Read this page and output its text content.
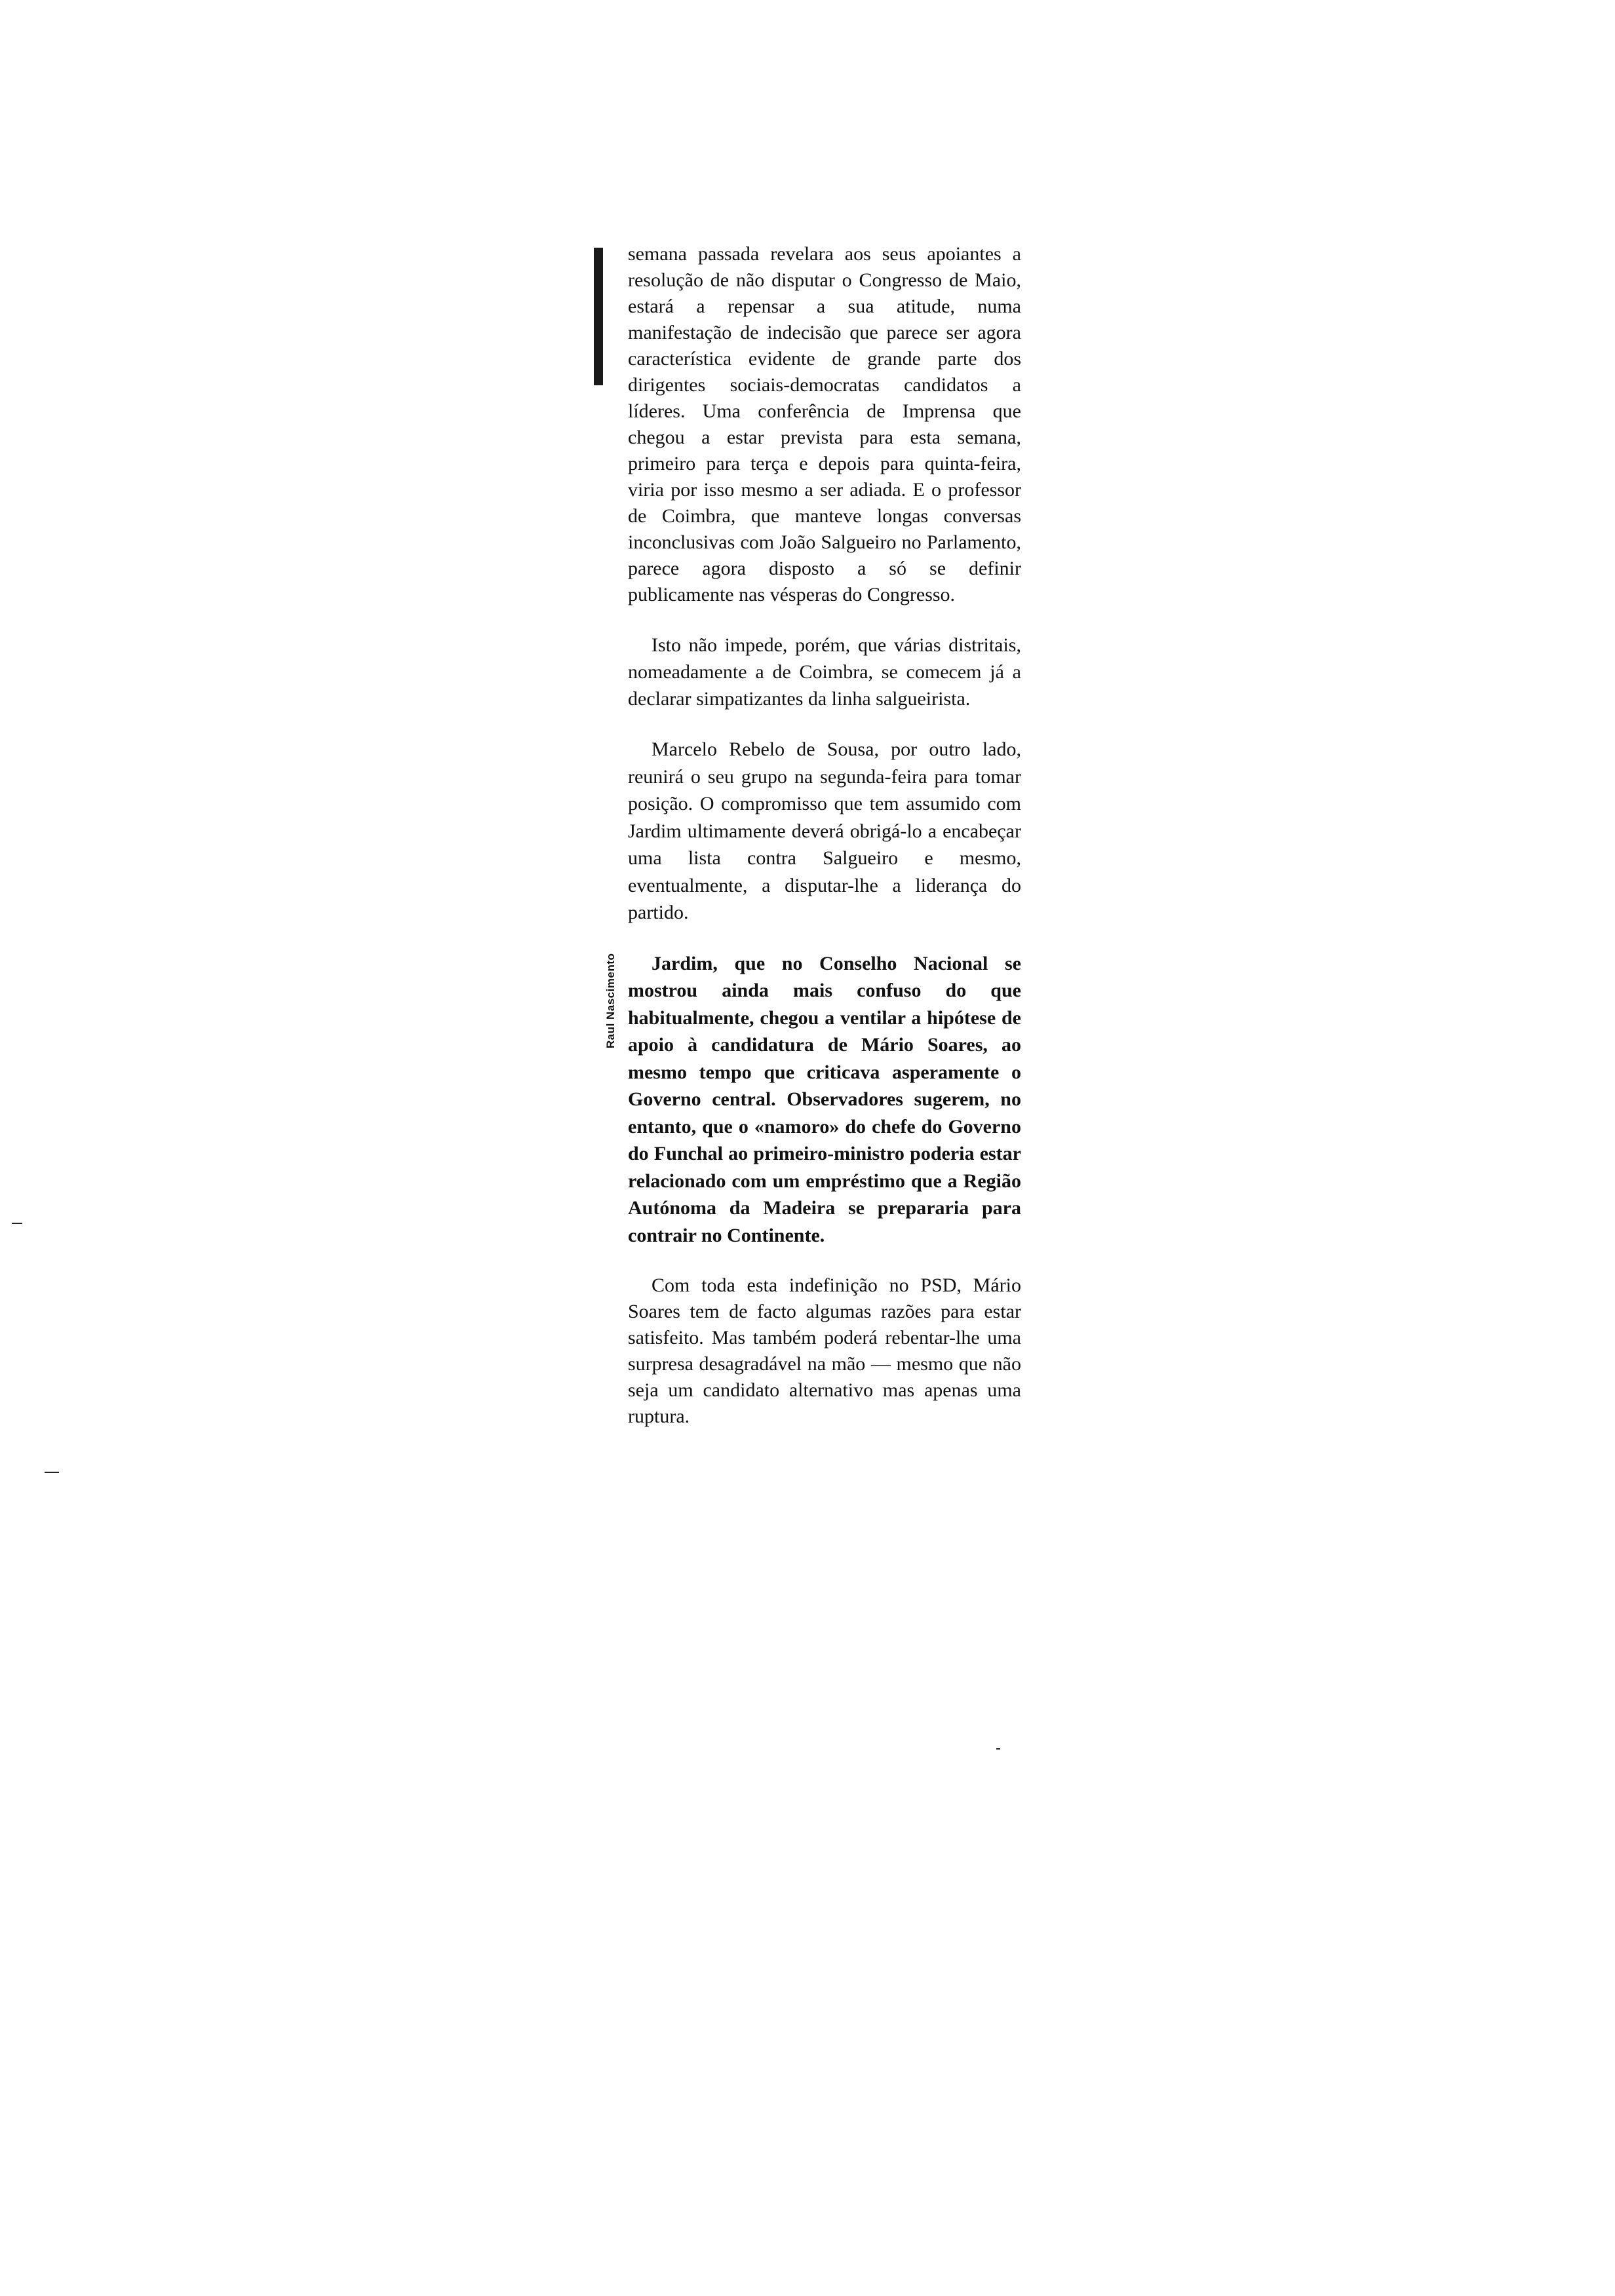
Raul Nascimento

semana passada revelara aos seus apoiantes a resolução de não disputar o Congresso de Maio, estará a repensar a sua atitude, numa manifestação de indecisão que parece ser agora característica evidente de grande parte dos dirigentes sociais-democratas candidatos a líderes. Uma conferência de Imprensa que chegou a estar prevista para esta semana, primeiro para terça e depois para quinta-feira, viria por isso mesmo a ser adiada. E o professor de Coimbra, que manteve longas conversas inconclusivas com João Salgueiro no Parlamento, parece agora disposto a só se definir publicamente nas vésperas do Congresso.

Isto não impede, porém, que várias distritais, nomeadamente a de Coimbra, se comecem já a declarar simpatizantes da linha salgueirista.

Marcelo Rebelo de Sousa, por outro lado, reunirá o seu grupo na segunda-feira para tomar posição. O compromisso que tem assumido com Jardim ultimamente deverá obrigá-lo a encabeçar uma lista contra Salgueiro e mesmo, eventualmente, a disputar-lhe a liderança do partido.

Jardim, que no Conselho Nacional se mostrou ainda mais confuso do que habitualmente, chegou a ventilar a hipótese de apoio à candidatura de Mário Soares, ao mesmo tempo que criticava asperamente o Governo central. Observadores sugerem, no entanto, que o «namoro» do chefe do Governo do Funchal ao primeiro-ministro poderia estar relacionado com um empréstimo que a Região Autónoma da Madeira se prepararia para contrair no Continente.

Com toda esta indefinição no PSD, Mário Soares tem de facto algumas razões para estar satisfeito. Mas também poderá rebentar-lhe uma surpresa desagradável na mão — mesmo que não seja um candidato alternativo mas apenas uma ruptura.
